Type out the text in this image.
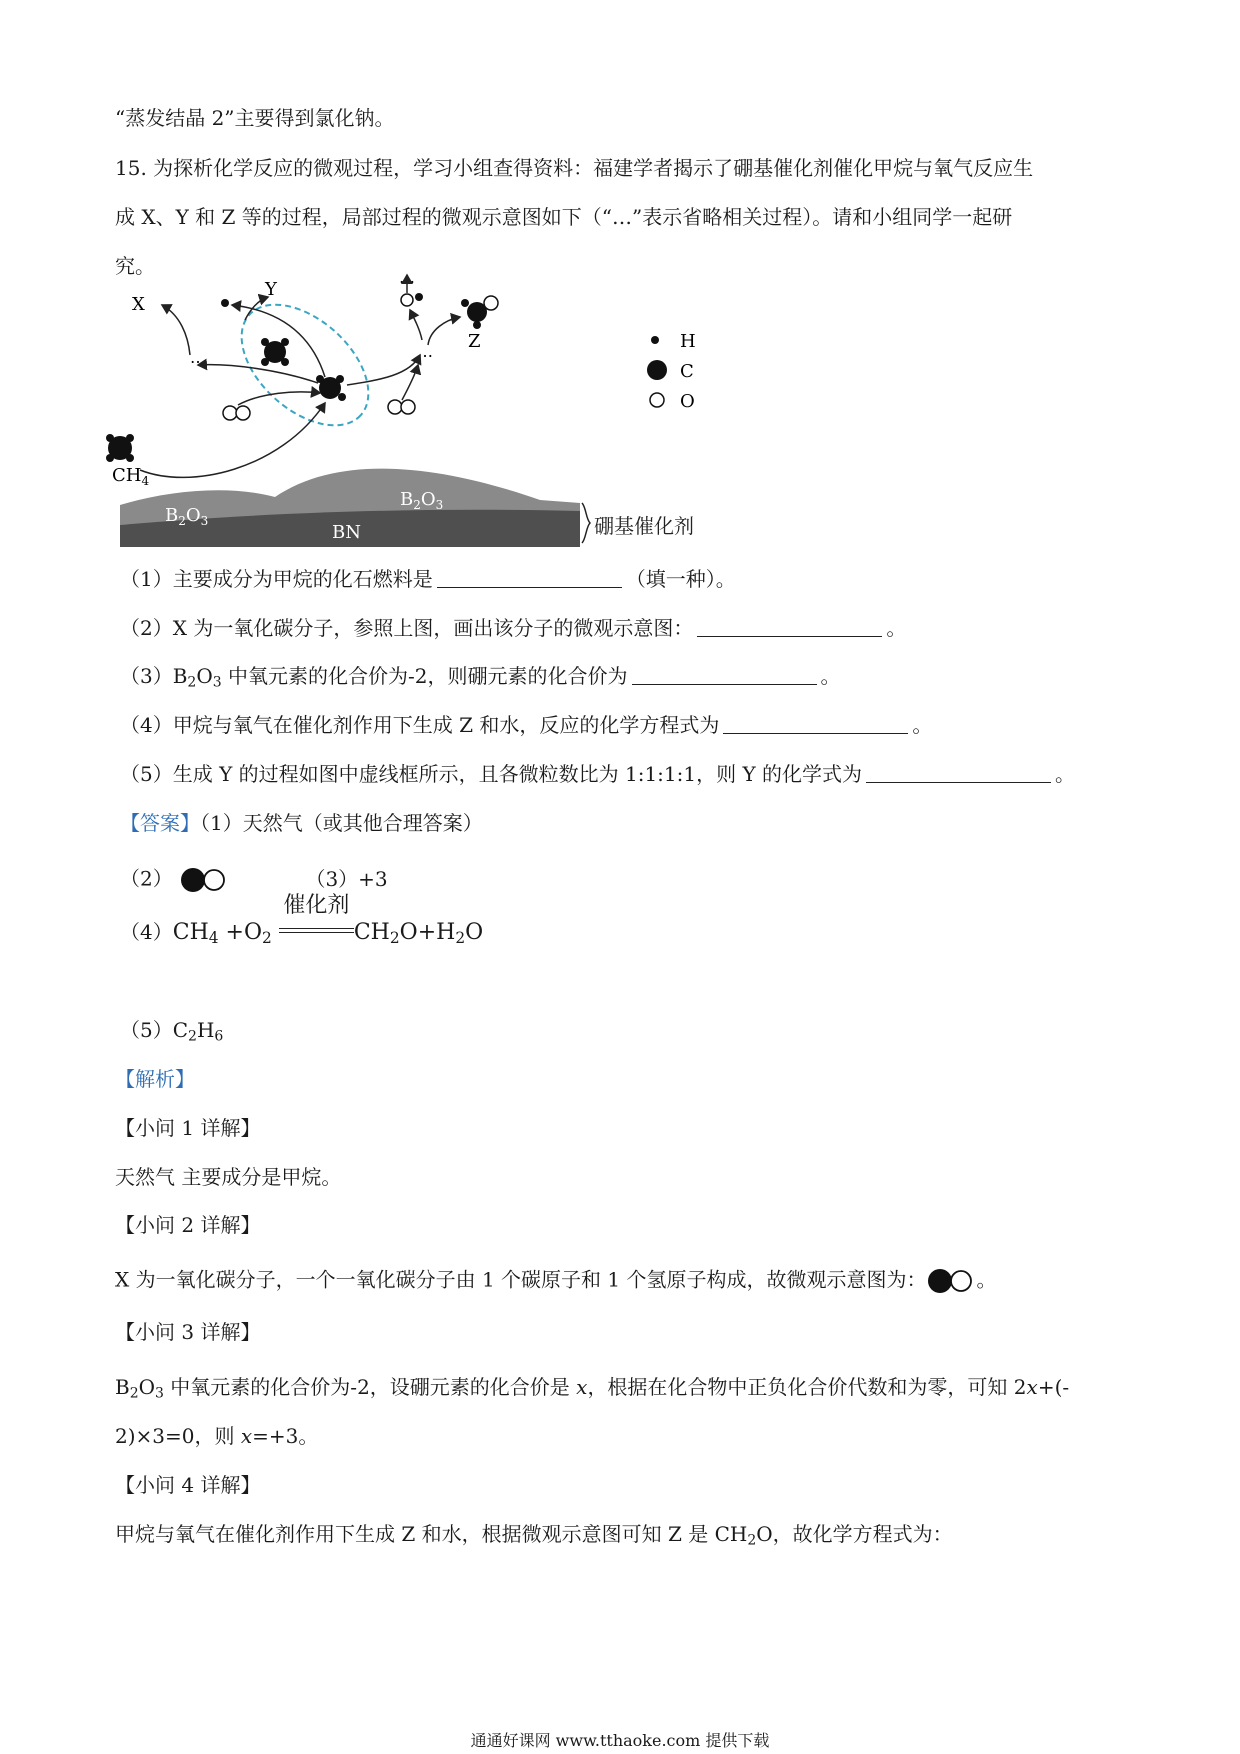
“蒸发结晶 2”主要得到氯化钠。
15. 为探析化学反应的微观过程，学习小组查得资料：福建学者揭示了硼基催化剂催化甲烷与氧气反应生
成 X、Y 和 Z 等的过程，局部过程的微观示意图如下（“…”表示省略相关过程）。请和小组同学一起研
究。
$B_2O_3$
$B_2O_3$
BN	硼基催化剂
$CH_4$
Z
X
Y
…	…
…
H
C
O
（1）主要成分为甲烷的化石燃料是	（填一种）。
（2）X 为一氧化碳分子，参照上图，画出该分子的微观示意图：	。
$(3)B_2O_3$ 中氧元素的化合价为-2，则硼元素的化合价为	。
（4）甲烷与氧气在催化剂作用下生成 Z 和水，反应的化学方程式为	。
（5）生成 Y 的过程如图中虚线框所示，且各微粒数比为 1:1:1:1，则 Y 的化学式为	。
【答案】（1）天然气（或其他合理答案）
（2）	（3）+3
$(4)CH_4 +O_2$
催化剂
$CH_2O+H_2O$
$(5)C_2H_6$
【解析】
【小问 1 详解】
天然气 主要成分是甲烷。
【小问 2 详解】
X 为一氧化碳分子，一个一氧化碳分子由 1 个碳原子和 1 个氢原子构成，故微观示意图为：	。
【小问 3 详解】
$B_2O_3$ 中氧元素的化合价为-2，设硼元素的化合价是 x，根据在化合物中正负化合价代数和为零，可知 2x+(-
2)×3=0，则 x=+3。
【小问 4 详解】
甲烷与氧气在催化剂作用下生成 Z 和水，根据微观示意图可知 Z 是 $CH_2O$，故化学方程式为：
通通好课网 www.tthaoke.com 提供下载
